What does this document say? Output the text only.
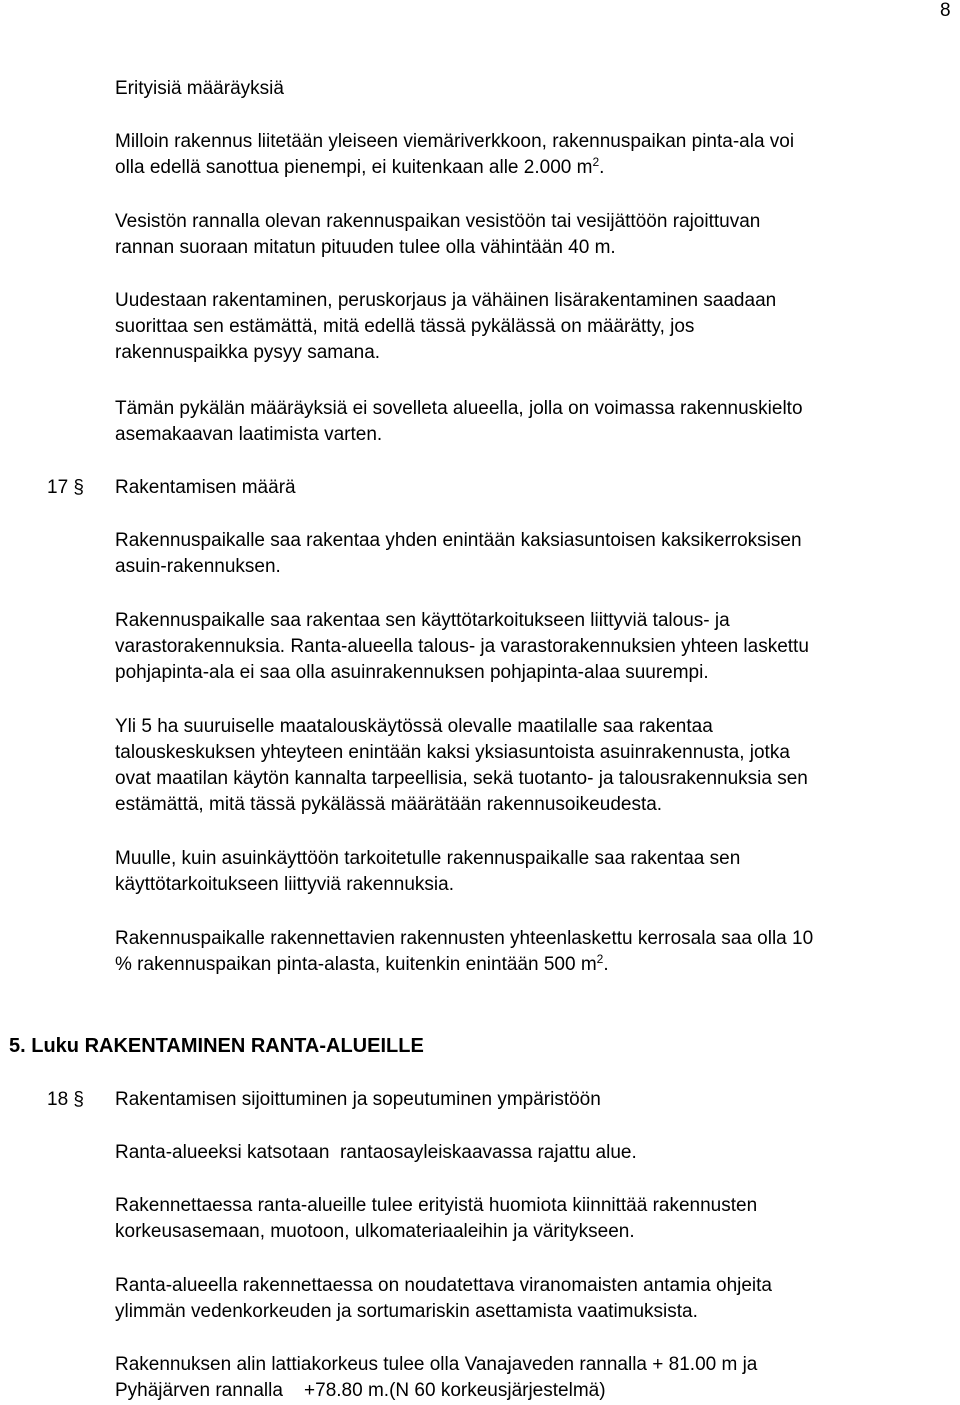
8
Erityisiä määräyksiä
Milloin rakennus liitetään yleiseen viemäriverkkoon, rakennuspaikan pinta-ala voi
olla edellä sanottua pienempi, ei kuitenkaan alle 2.000 $m^2$.
Vesistön rannalla olevan rakennuspaikan vesistöön tai vesijättöön rajoittuvan
rannan suoraan mitatun pituuden tulee olla vähintään 40 m.
Uudestaan rakentaminen, peruskorjaus ja vähäinen lisärakentaminen saadaan
suorittaa sen estämättä, mitä edellä tässä pykälässä on määrätty, jos
rakennuspaikka pysyy samana.
Tämän pykälän määräyksiä ei sovelleta alueella, jolla on voimassa rakennuskielto
asemakaavan laatimista varten.
17 § Rakentamisen määrä
Rakennuspaikalle saa rakentaa yhden enintään kaksiasuntoisen kaksikerroksisen
asuin-rakennuksen.
Rakennuspaikalle saa rakentaa sen käyttötarkoitukseen liittyviä talous- ja
varastorakennuksia. Ranta-alueella talous- ja varastorakennuksien yhteen laskettu
pohjapinta-ala ei saa olla asuinrakennuksen pohjapinta-alaa suurempi.
Yli 5 ha suuruiselle maatalouskäytössä olevalle maatilalle saa rakentaa
talouskeskuksen yhteyteen enintään kaksi yksiasuntoista asuinrakennusta, jotka
ovat maatilan käytön kannalta tarpeellisia, sekä tuotanto- ja talousrakennuksia sen
estämättä, mitä tässä pykälässä määrätään rakennusoikeudesta.
Muulle, kuin asuinkäyttöön tarkoitetulle rakennuspaikalle saa rakentaa sen
käyttötarkoitukseen liittyviä rakennuksia.
Rakennuspaikalle rakennettavien rakennusten yhteenlaskettu kerrosala saa olla 10
% rakennuspaikan pinta-alasta, kuitenkin enintään 500 $m^2$.
5. Luku RAKENTAMINEN RANTA-ALUEILLE
18 § Rakentamisen sijoittuminen ja sopeutuminen ympäristöön
Ranta-alueeksi katsotaan  rantaosayleiskaavassa rajattu alue.
Rakennettaessa ranta-alueille tulee erityistä huomiota kiinnittää rakennusten
korkeusasemaan, muotoon, ulkomateriaaleihin ja väritykseen.
Ranta-alueella rakennettaessa on noudatettava viranomaisten antamia ohjeita
ylimmän vedenkorkeuden ja sortumariskin asettamista vaatimuksista.
Rakennuksen alin lattiakorkeus tulee olla Vanajaveden rannalla + 81.00 m ja
Pyhäjärven rannalla    +78.80 m.(N 60 korkeusjärjestelmä)
